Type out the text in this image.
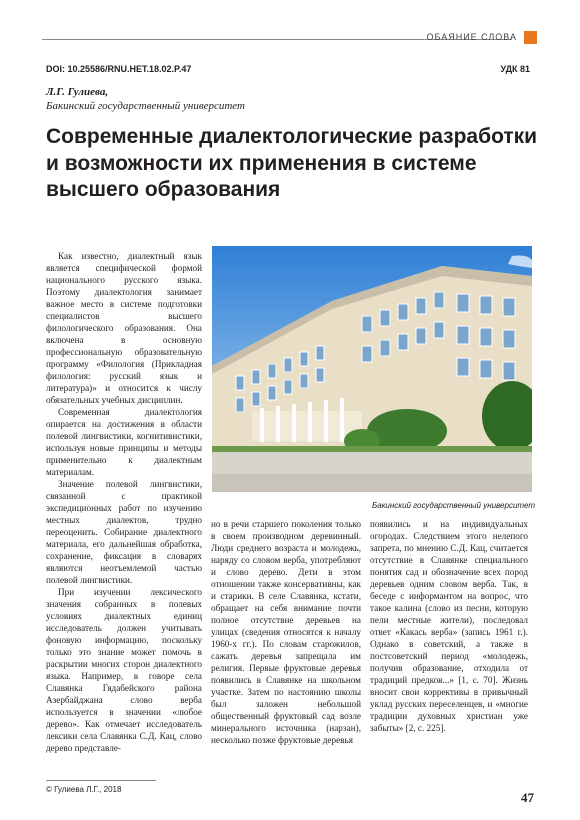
ОБАЯНИЕ СЛОВА
DOI: 10.25586/RNU.HET.18.02.P.47	УДК 81
Л.Г. Гулиева,
Бакинский государственный университет
Современные диалектологические разработки и возможности их применения в системе высшего образования

Как известно, диалектный язык является специфической формой национального русского языка. Поэтому диалектология занимает важное место в системе подготовки специалистов высшего филологического образования. Она включена в основную профессиональную образовательную программу «Филология (Прикладная филология: русский язык и литература)» и относится к числу обязательных учебных дисциплин.

Современная диалектология опирается на достижения в области полевой лингвистики, когнитивистики, используя новые принципы и методы применительно к диалектным материалам.

Значение полевой лингвистики, связанной с практикой экспедиционных работ по изучению местных диалектов, трудно переоценить. Собирание диалектного материала, его дальнейшая обработка, сохранение, фиксация в словарях являются неотъемлемой частью полевой лингвистики.

При изучении лексического значения собранных в полевых условиях диалектных единиц исследователь должен учитывать фоновую информацию, поскольку только это знание может помочь в раскрытии многих сторон диалектного языка. Например, в говоре села Славянка Гядабейского района Азербайджана слово верба используется в значении «любое дерево». Как отмечает исследователь лексики села Славянка С.Д. Кац, слово дерево представле-

Бакинский государственный университет

но в речи старшего поколения только в своем производном деревинный. Люди среднего возраста и молодежь, наряду со словом верба, употребляют и слово дерево. Дети в этом отношении также консервативны, как и старики. В селе Славянка, кстати, обращает на себя внимание почти полное отсутствие деревьев на улицах (сведения относятся к началу 1960-х гг.). По словам старожилов, сажать деревья запрещала им религия. Первые фруктовые деревья появились в Славянке на школьном участке. Затем по настоянию школы был заложен небольшой общественный фруктовый сад возле минерального источника (нарзан), несколько позже фруктовые деревья

появились и на индивидуальных огородах. Следствием этого нелепого запрета, по мнению С.Д. Кац, считается отсутствие в Славянке специального понятия сад и обозначение всех пород деревьев одним словом верба. Так, в беседе с информантом на вопрос, что такое калина (слово из песни, которую пели местные жители), последовал ответ «Какась верба» (запись 1961 г.). Однако в советский, а также в постсоветский период «молодежь, получив образование, отходила от традиций предков...» [1, с. 70]. Жизнь вносит свои коррективы в привычный уклад русских переселенцев, и «многие традиции духовных христиан уже забыты» [2, с. 225].

© Гулиева Л.Г., 2018
47
